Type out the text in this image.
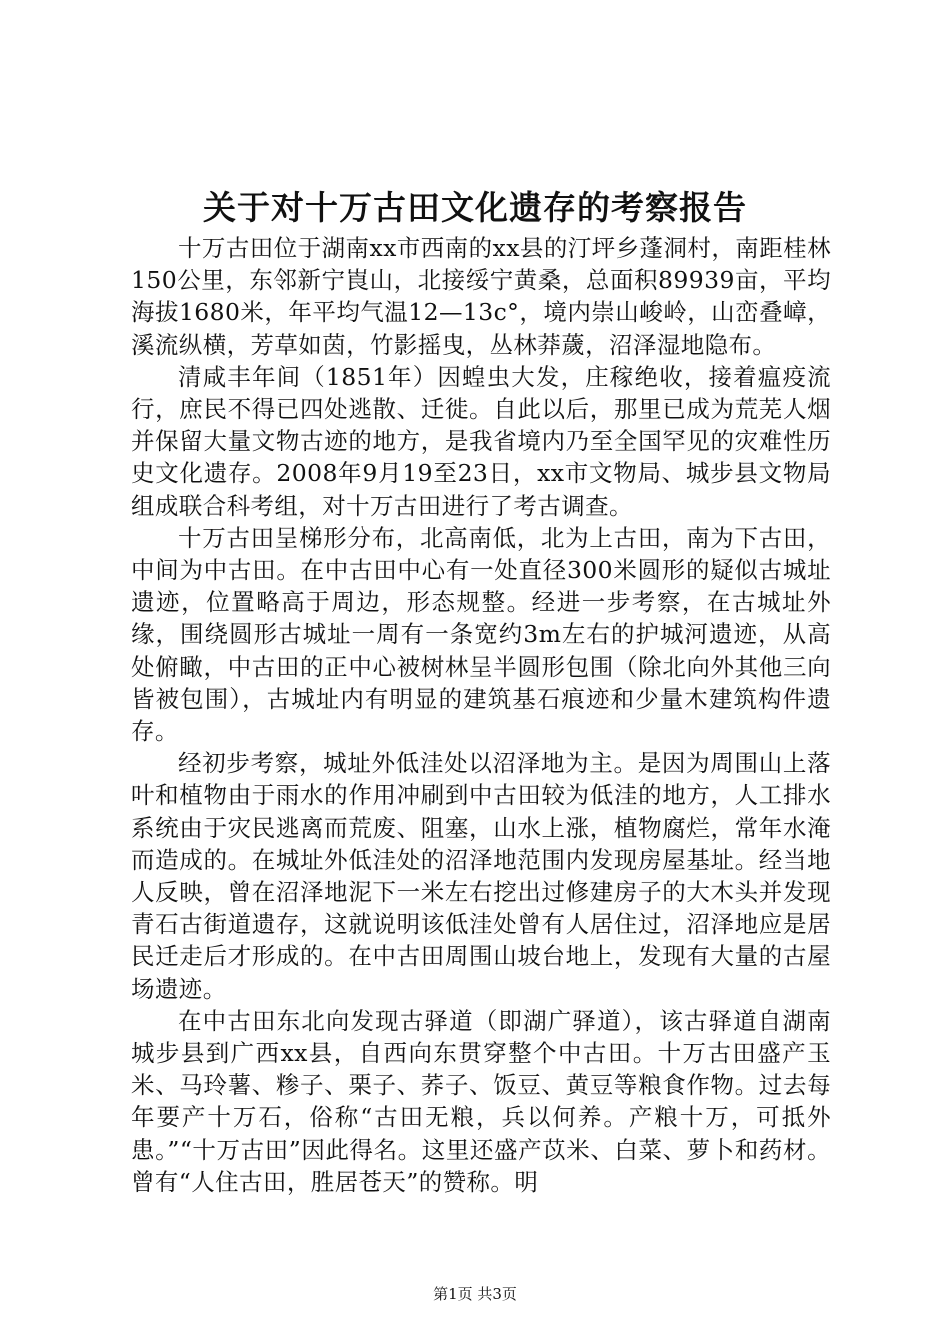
关于对十万古田文化遗存的考察报告

十万古田位于湖南xx市西南的xx县的汀坪乡蓬洞村，南距桂林150公里，东邻新宁崀山，北接绥宁黄桑，总面积89939亩，平均海拔1680米，年平均气温12—13c°，境内崇山峻岭，山峦叠嶂，溪流纵横，芳草如茵，竹影摇曳，丛林莽薉，沼泽湿地隐布。

清咸丰年间（1851年）因蝗虫大发，庄稼绝收，接着瘟疫流行，庶民不得已四处逃散、迁徙。自此以后，那里已成为荒芜人烟并保留大量文物古迹的地方，是我省境内乃至全国罕见的灾难性历史文化遗存。2008年9月19至23日，xx市文物局、城步县文物局组成联合科考组，对十万古田进行了考古调查。

十万古田呈梯形分布，北高南低，北为上古田，南为下古田，中间为中古田。在中古田中心有一处直径300米圆形的疑似古城址遗迹，位置略高于周边，形态规整。经进一步考察，在古城址外缘，围绕圆形古城址一周有一条宽约3m左右的护城河遗迹，从高处俯瞰，中古田的正中心被树林呈半圆形包围（除北向外其他三向皆被包围），古城址内有明显的建筑基石痕迹和少量木建筑构件遗存。

经初步考察，城址外低洼处以沼泽地为主。是因为周围山上落叶和植物由于雨水的作用冲刷到中古田较为低洼的地方，人工排水系统由于灾民逃离而荒废、阻塞，山水上涨，植物腐烂，常年水淹而造成的。在城址外低洼处的沼泽地范围内发现房屋基址。经当地人反映，曾在沼泽地泥下一米左右挖出过修建房子的大木头并发现青石古街道遗存，这就说明该低洼处曾有人居住过，沼泽地应是居民迁走后才形成的。在中古田周围山坡台地上，发现有大量的古屋场遗迹。

在中古田东北向发现古驿道（即湖广驿道），该古驿道自湖南城步县到广西xx县，自西向东贯穿整个中古田。十万古田盛产玉米、马玲薯、糁子、栗子、荞子、饭豆、黄豆等粮食作物。过去每年要产十万石，俗称“古田无粮，兵以何养。产粮十万，可抵外患。”“十万古田”因此得名。这里还盛产苡米、白菜、萝卜和药材。曾有“人住古田，胜居苍天”的赞称。明

第1页 共3页
